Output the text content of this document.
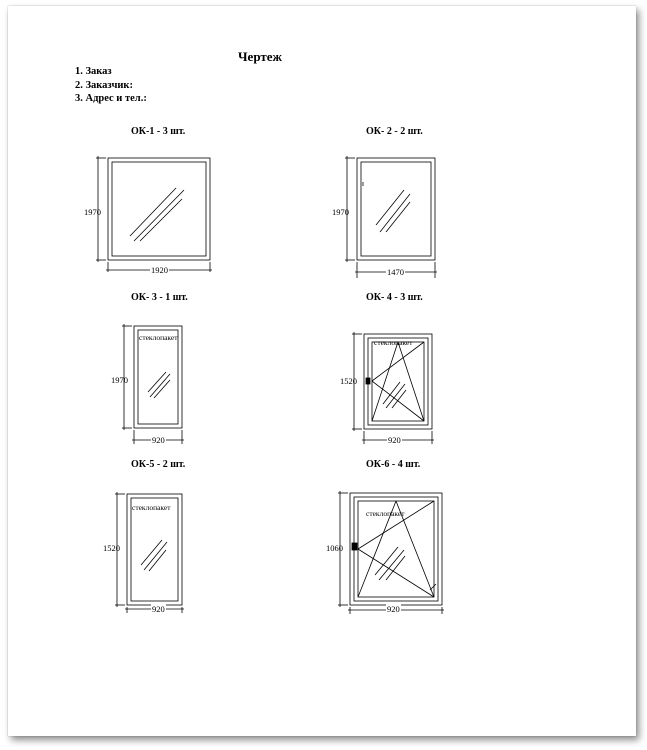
Чертеж
1. Заказ
2. Заказчик:
3. Адрес и тел.:
ОК-1 - 3 шт.	ОК- 2 - 2 шт.
ОК- 3 - 1 шт.	ОК- 4 - 3 шт.
ОК-5 - 2 шт.	ОК-6 - 4 шт.
1920
1970
1470
1970
920
1970
стеклопакет
920
1520
стеклопакет
920
1520
стеклопакет
920
1060
стеклопакет
